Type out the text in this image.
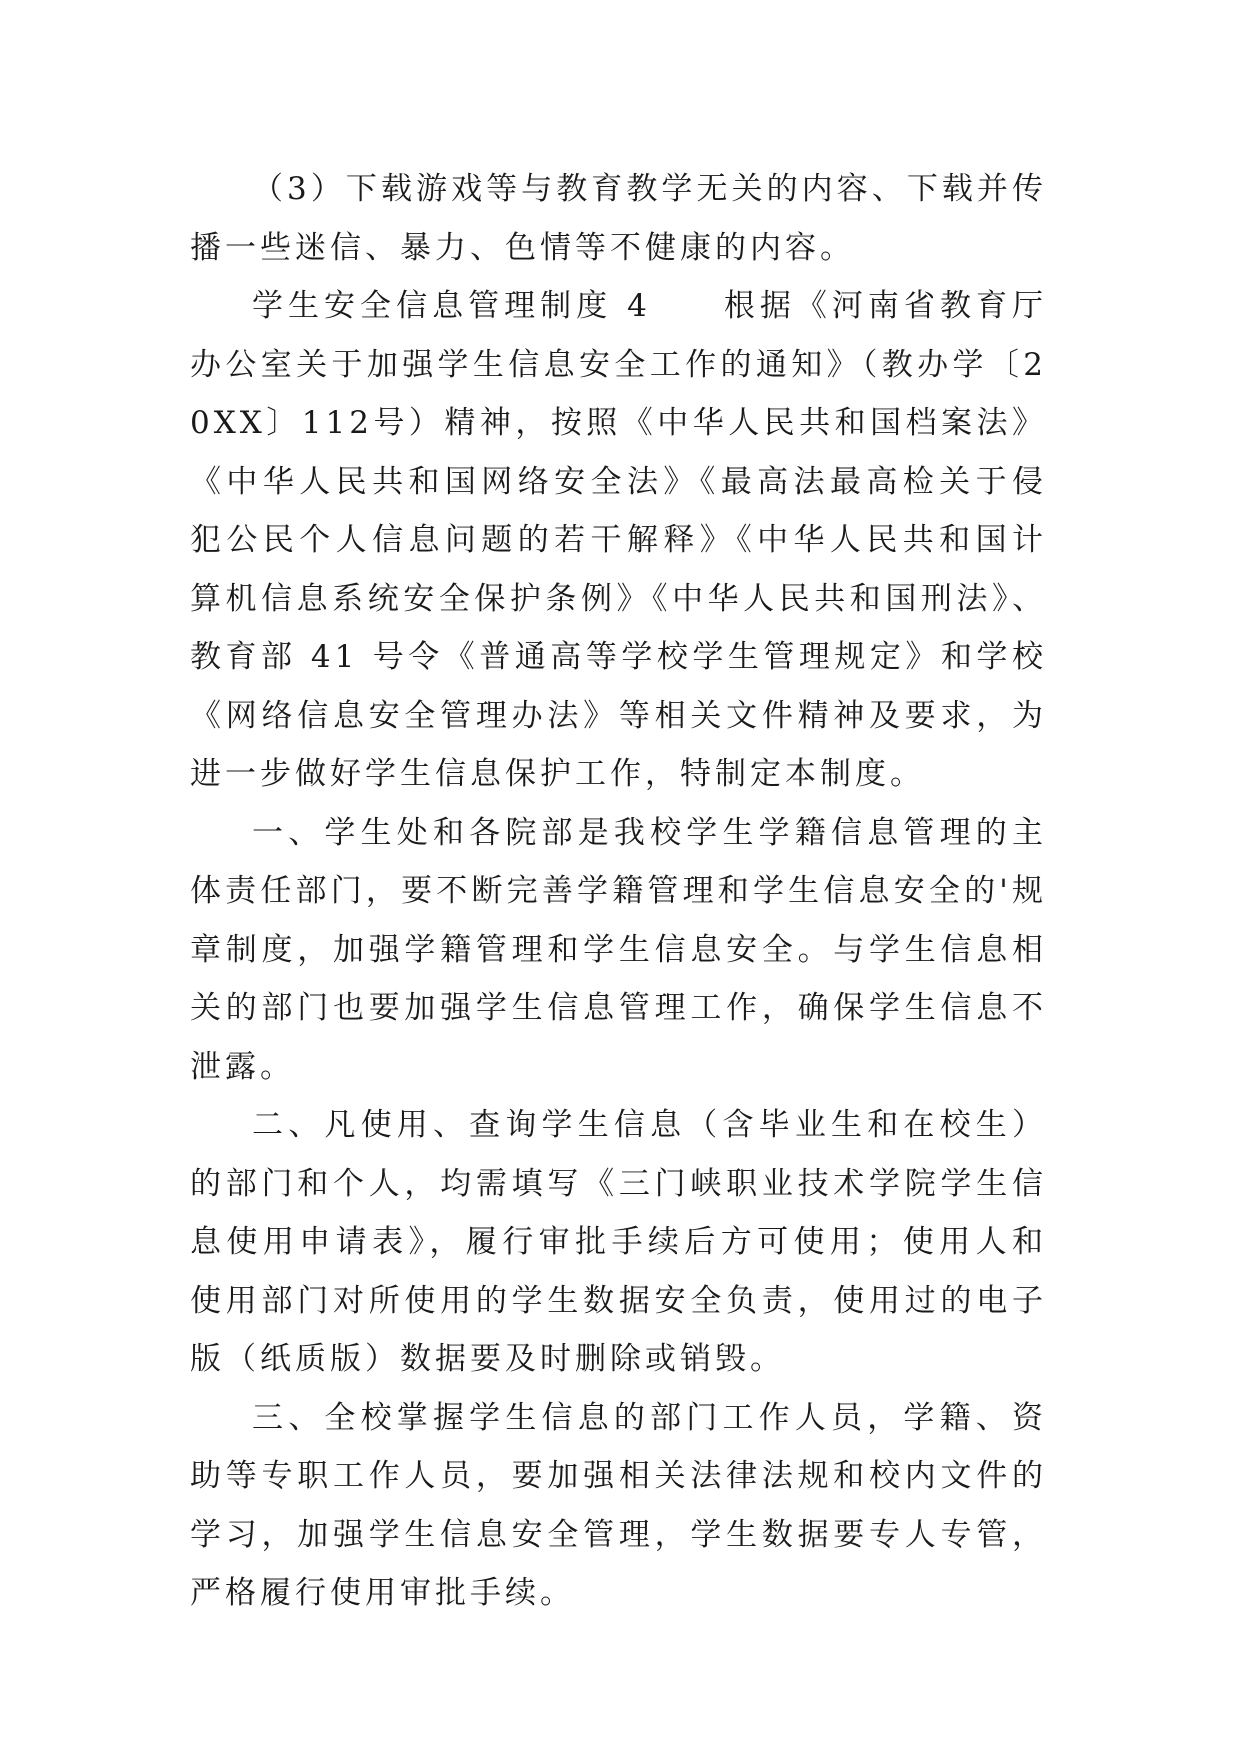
（3）下载游戏等与教育教学无关的内容、下载并传播一些迷信、暴力、色情等不健康的内容。

学生安全信息管理制度 4　　根据《河南省教育厅办公室关于加强学生信息安全工作的通知》（教办学〔20XX〕112号）精神，按照《中华人民共和国档案法》《中华人民共和国网络安全法》《最高法最高检关于侵犯公民个人信息问题的若干解释》《中华人民共和国计算机信息系统安全保护条例》《中华人民共和国刑法》、教育部 41 号令《普通高等学校学生管理规定》和学校《网络信息安全管理办法》等相关文件精神及要求，为进一步做好学生信息保护工作，特制定本制度。

一、学生处和各院部是我校学生学籍信息管理的主体责任部门，要不断完善学籍管理和学生信息安全的'规章制度，加强学籍管理和学生信息安全。与学生信息相关的部门也要加强学生信息管理工作，确保学生信息不泄露。

二、凡使用、查询学生信息（含毕业生和在校生）的部门和个人，均需填写《三门峡职业技术学院学生信息使用申请表》，履行审批手续后方可使用；使用人和使用部门对所使用的学生数据安全负责，使用过的电子版（纸质版）数据要及时删除或销毁。

三、全校掌握学生信息的部门工作人员，学籍、资助等专职工作人员，要加强相关法律法规和校内文件的学习，加强学生信息安全管理，学生数据要专人专管，严格履行使用审批手续。
